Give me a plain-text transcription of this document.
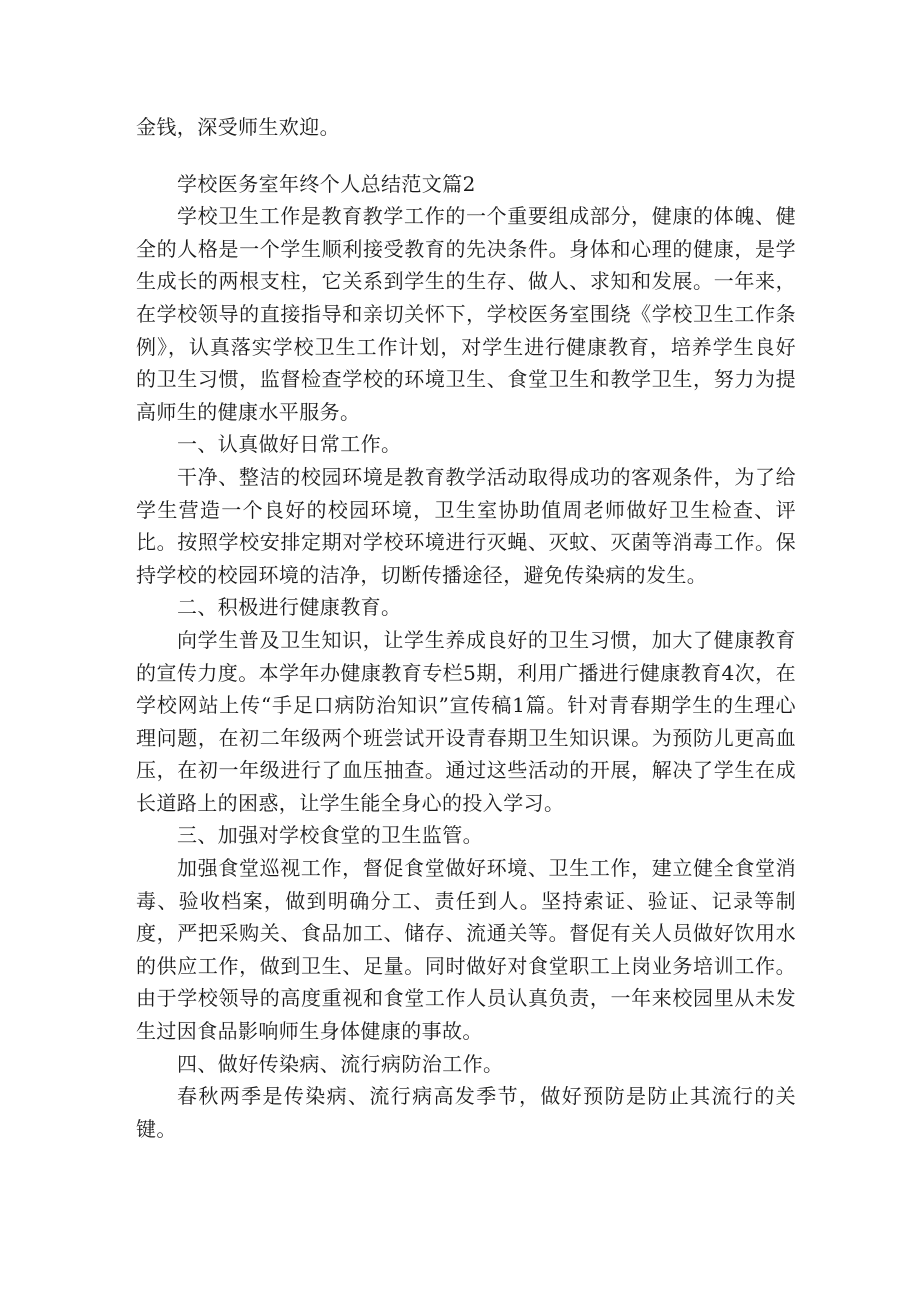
金钱，深受师生欢迎。

学校医务室年终个人总结范文篇2

学校卫生工作是教育教学工作的一个重要组成部分，健康的体魄、健全的人格是一个学生顺利接受教育的先决条件。身体和心理的健康，是学生成长的两根支柱，它关系到学生的生存、做人、求知和发展。一年来，在学校领导的直接指导和亲切关怀下，学校医务室围绕《学校卫生工作条例》，认真落实学校卫生工作计划，对学生进行健康教育，培养学生良好的卫生习惯，监督检查学校的环境卫生、食堂卫生和教学卫生，努力为提高师生的健康水平服务。

一、认真做好日常工作。

干净、整洁的校园环境是教育教学活动取得成功的客观条件，为了给学生营造一个良好的校园环境，卫生室协助值周老师做好卫生检查、评比。按照学校安排定期对学校环境进行灭蝇、灭蚊、灭菌等消毒工作。保持学校的校园环境的洁净，切断传播途径，避免传染病的发生。

二、积极进行健康教育。

向学生普及卫生知识，让学生养成良好的卫生习惯，加大了健康教育的宣传力度。本学年办健康教育专栏5期，利用广播进行健康教育4次，在学校网站上传“手足口病防治知识”宣传稿1篇。针对青春期学生的生理心理问题，在初二年级两个班尝试开设青春期卫生知识课。为预防儿更高血压，在初一年级进行了血压抽查。通过这些活动的开展，解决了学生在成长道路上的困惑，让学生能全身心的投入学习。

三、加强对学校食堂的卫生监管。

加强食堂巡视工作，督促食堂做好环境、卫生工作，建立健全食堂消毒、验收档案，做到明确分工、责任到人。坚持索证、验证、记录等制度，严把采购关、食品加工、储存、流通关等。督促有关人员做好饮用水的供应工作，做到卫生、足量。同时做好对食堂职工上岗业务培训工作。由于学校领导的高度重视和食堂工作人员认真负责，一年来校园里从未发生过因食品影响师生身体健康的事故。

四、做好传染病、流行病防治工作。

春秋两季是传染病、流行病高发季节，做好预防是防止其流行的关键。
